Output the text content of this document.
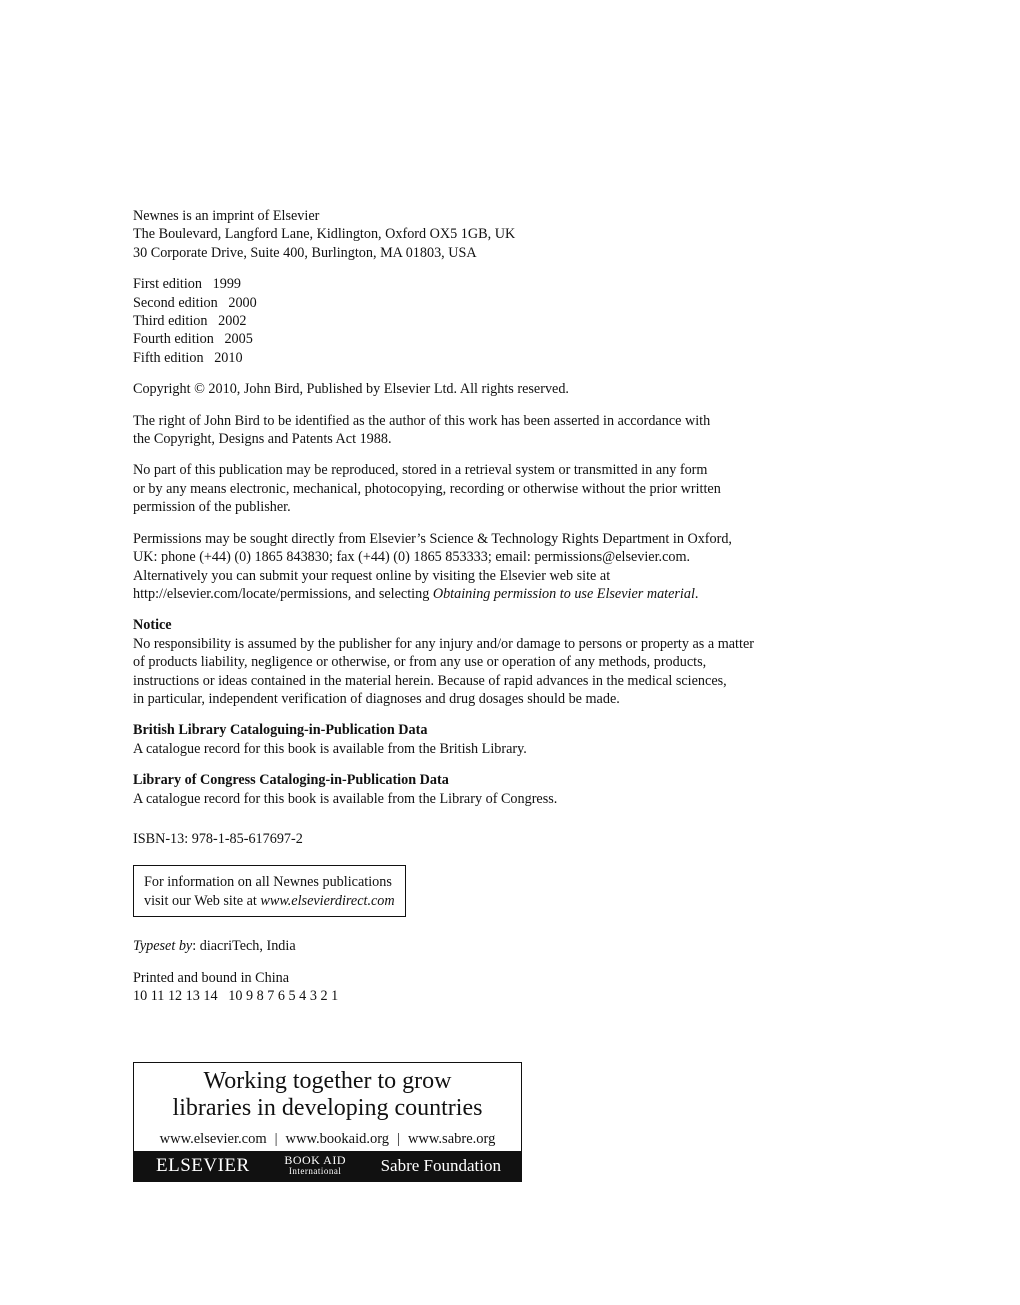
Newnes is an imprint of Elsevier
The Boulevard, Langford Lane, Kidlington, Oxford OX5 1GB, UK
30 Corporate Drive, Suite 400, Burlington, MA 01803, USA
First edition 1999
Second edition 2000
Third edition 2002
Fourth edition 2005
Fifth edition 2010
Copyright © 2010, John Bird, Published by Elsevier Ltd. All rights reserved.
The right of John Bird to be identified as the author of this work has been asserted in accordance with
the Copyright, Designs and Patents Act 1988.
No part of this publication may be reproduced, stored in a retrieval system or transmitted in any form
or by any means electronic, mechanical, photocopying, recording or otherwise without the prior written
permission of the publisher.
Permissions may be sought directly from Elsevier’s Science & Technology Rights Department in Oxford,
UK: phone (+44) (0) 1865 843830; fax (+44) (0) 1865 853333; email: permissions@elsevier.com.
Alternatively you can submit your request online by visiting the Elsevier web site at
http://elsevier.com/locate/permissions, and selecting Obtaining permission to use Elsevier material.
Notice
No responsibility is assumed by the publisher for any injury and/or damage to persons or property as a matter
of products liability, negligence or otherwise, or from any use or operation of any methods, products,
instructions or ideas contained in the material herein. Because of rapid advances in the medical sciences,
in particular, independent verification of diagnoses and drug dosages should be made.
British Library Cataloguing-in-Publication Data
A catalogue record for this book is available from the British Library.
Library of Congress Cataloging-in-Publication Data
A catalogue record for this book is available from the Library of Congress.
ISBN-13: 978-1-85-617697-2
For information on all Newnes publications
visit our Web site at www.elsevierdirect.com
Typeset by: diacriTech, India
Printed and bound in China
10 11 12 13 14   10 9 8 7 6 5 4 3 2 1
Working together to grow
libraries in developing countries
www.elsevier.com | www.bookaid.org | www.sabre.org
ELSEVIER	BOOK AID
International Sabre Foundation
